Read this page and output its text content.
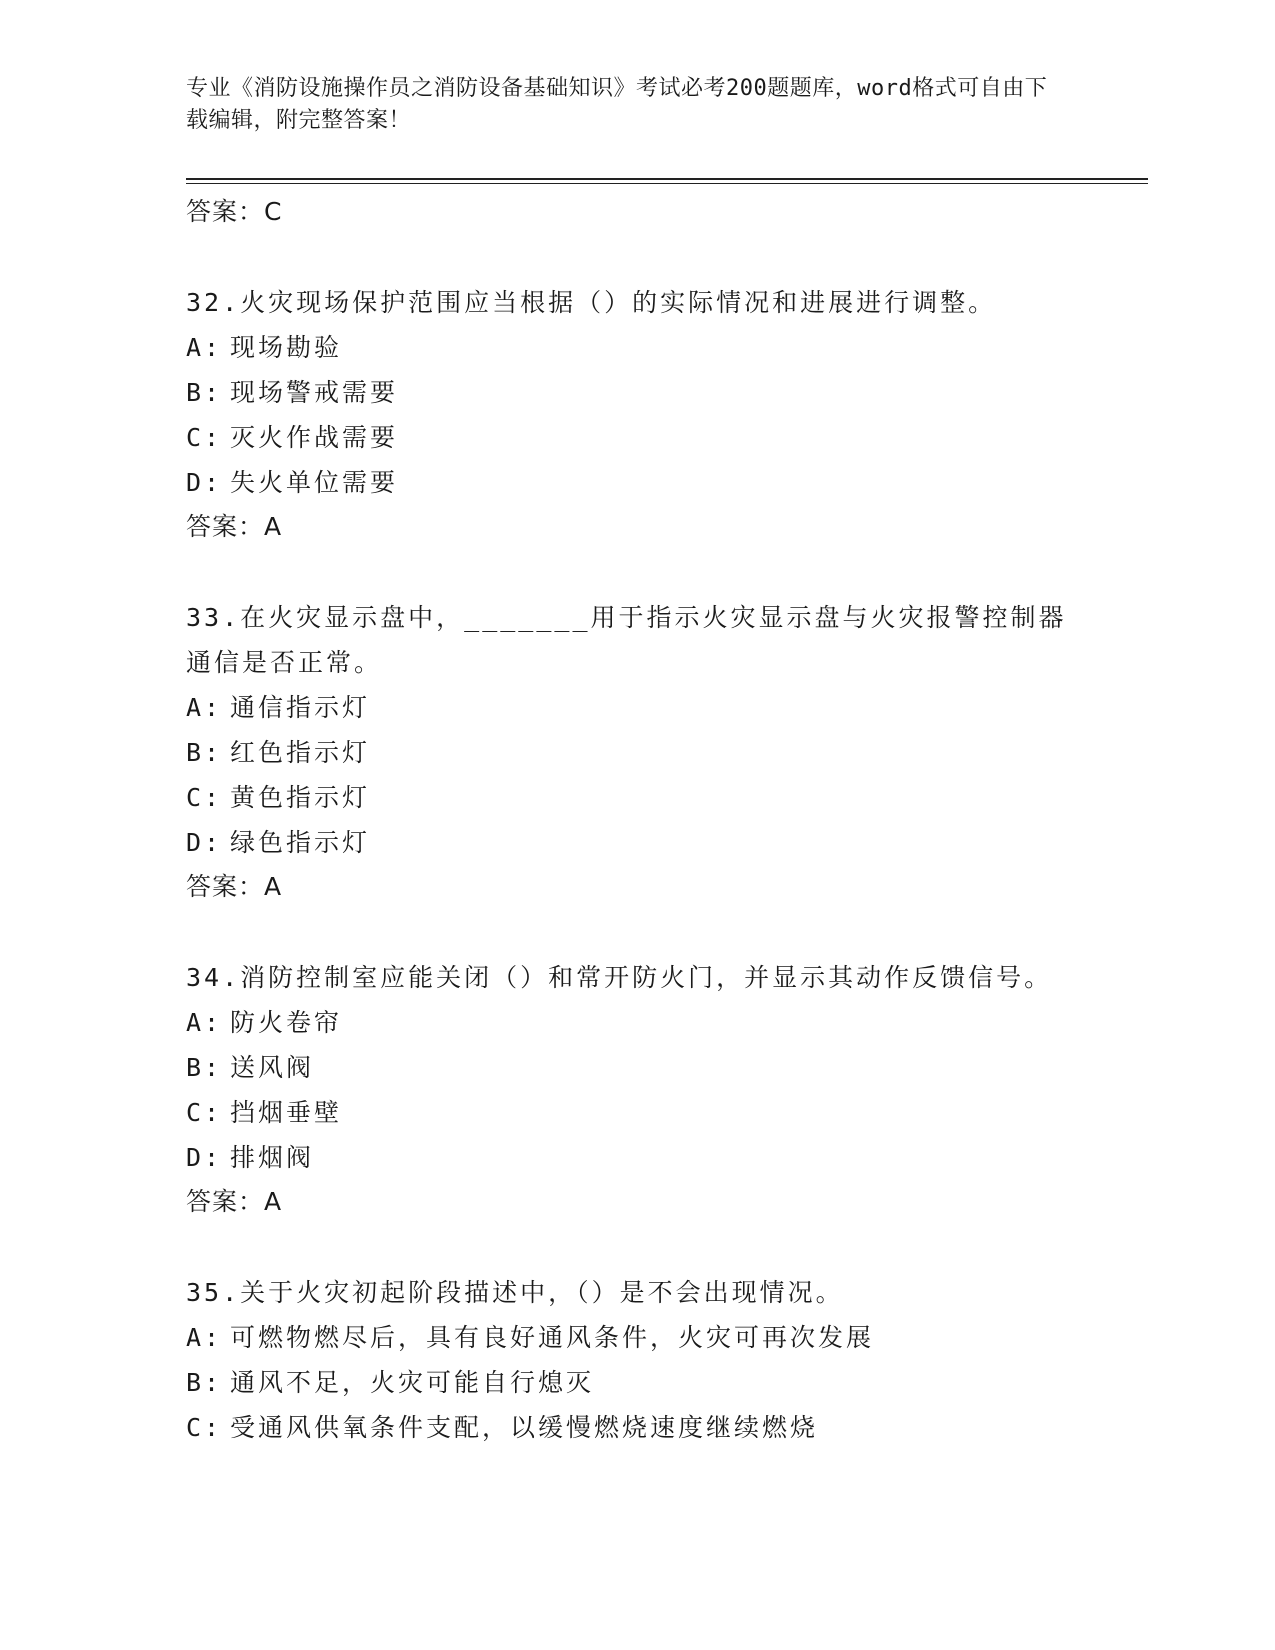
专业《消防设施操作员之消防设备基础知识》考试必考200题题库，word格式可自由下载编辑，附完整答案！
答案：C
32.火灾现场保护范围应当根据（）的实际情况和进展进行调整。
A: 现场勘验
B: 现场警戒需要
C: 灭火作战需要
D: 失火单位需要
答案：A
33.在火灾显示盘中，_______用于指示火灾显示盘与火灾报警控制器通信是否正常。
A: 通信指示灯
B: 红色指示灯
C: 黄色指示灯
D: 绿色指示灯
答案：A
34.消防控制室应能关闭（）和常开防火门，并显示其动作反馈信号。
A: 防火卷帘
B: 送风阀
C: 挡烟垂壁
D: 排烟阀
答案：A
35.关于火灾初起阶段描述中，（）是不会出现情况。
A: 可燃物燃尽后，具有良好通风条件，火灾可再次发展
B: 通风不足，火灾可能自行熄灭
C: 受通风供氧条件支配，以缓慢燃烧速度继续燃烧
